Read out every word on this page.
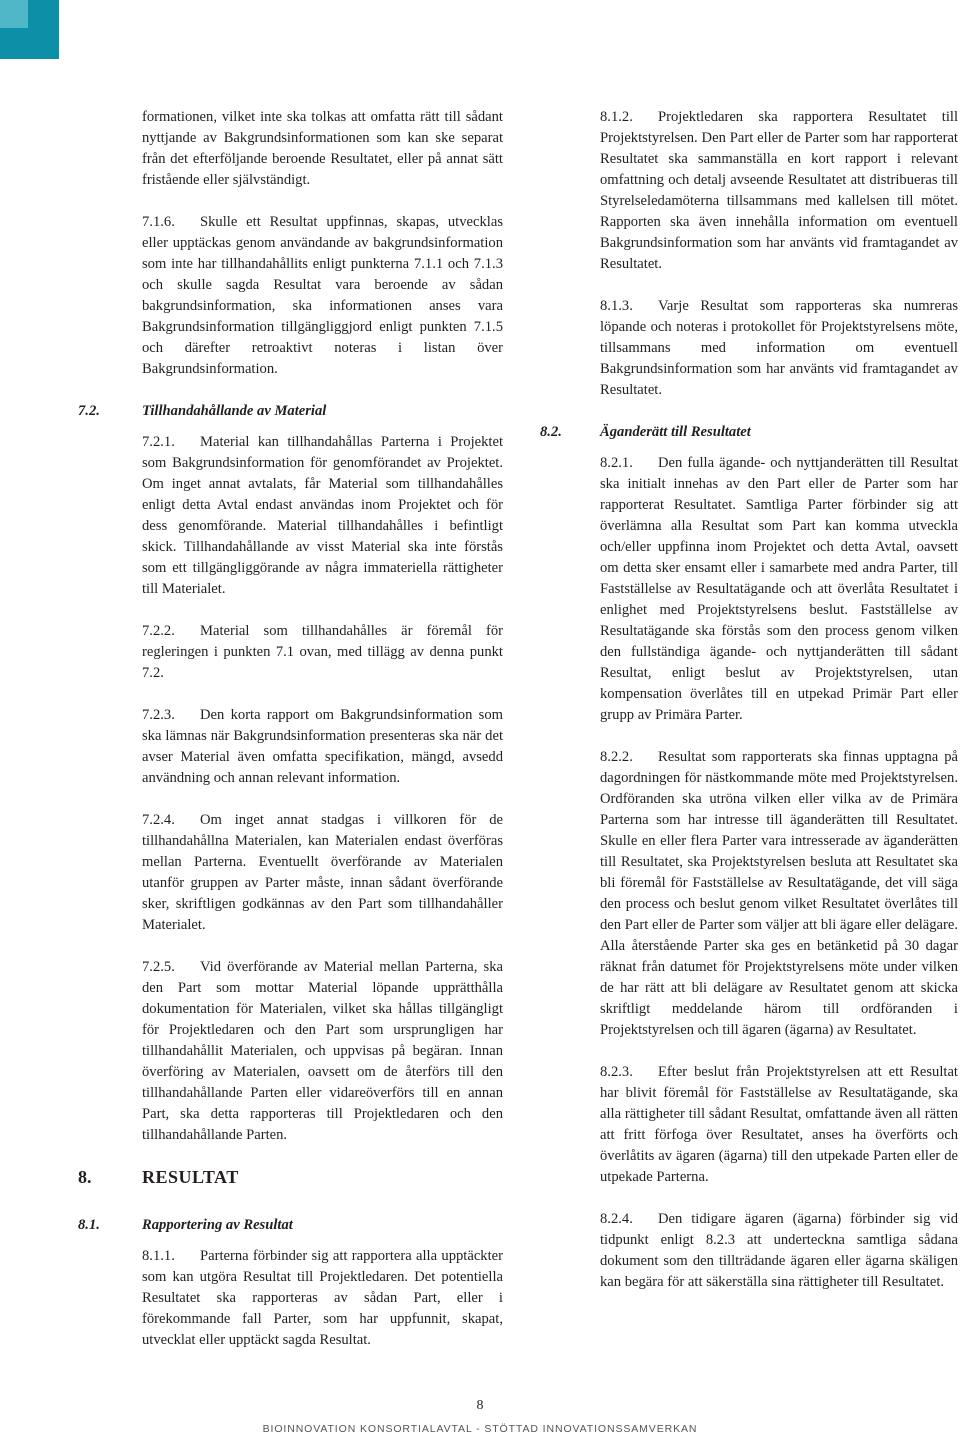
formationen, vilket inte ska tolkas att omfatta rätt till sådant nyttjande av Bakgrundsinformationen som kan ske separat från det efterföljande beroende Resultatet, eller på annat sätt fristående eller självständigt.

7.1.6. Skulle ett Resultat uppfinnas, skapas, utvecklas eller upptäckas genom användande av bakgrundsinformation som inte har tillhandahållits enligt punkterna 7.1.1 och 7.1.3 och skulle sagda Resultat vara beroende av sådan bakgrundsinformation, ska informationen anses vara Bakgrundsinformation tillgängliggjord enligt punkten 7.1.5 och därefter retroaktivt noteras i listan över Bakgrundsinformation.

7.2.	Tillhandahållande av Material

7.2.1. Material kan tillhandahållas Parterna i Projektet som Bakgrundsinformation för genomförandet av Projektet. Om inget annat avtalats, får Material som tillhandahålles enligt detta Avtal endast användas inom Projektet och för dess genomförande. Material tillhandahålles i befintligt skick. Tillhandahållande av visst Material ska inte förstås som ett tillgängliggörande av några immateriella rättigheter till Materialet.

7.2.2. Material som tillhandahålles är föremål för regleringen i punkten 7.1 ovan, med tillägg av denna punkt 7.2.

7.2.3. Den korta rapport om Bakgrundsinformation som ska lämnas när Bakgrundsinformation presenteras ska när det avser Material även omfatta specifikation, mängd, avsedd användning och annan relevant information.

7.2.4. Om inget annat stadgas i villkoren för de tillhandahållna Materialen, kan Materialen endast överföras mellan Parterna. Eventuellt överförande av Materialen utanför gruppen av Parter måste, innan sådant överförande sker, skriftligen godkännas av den Part som tillhandahåller Materialet.

7.2.5. Vid överförande av Material mellan Parterna, ska den Part som mottar Material löpande upprätthålla dokumentation för Materialen, vilket ska hållas tillgängligt för Projektledaren och den Part som ursprungligen har tillhandahållit Materialen, och uppvisas på begäran. Innan överföring av Materialen, oavsett om de återförs till den tillhandahållande Parten eller vidareöverförs till en annan Part, ska detta rapporteras till Projektledaren och den tillhandahållande Parten.

8.	RESULTAT
8.1.	Rapportering av Resultat

8.1.1. Parterna förbinder sig att rapportera alla upptäckter som kan utgöra Resultat till Projektledaren. Det potentiella Resultatet ska rapporteras av sådan Part, eller i förekommande fall Parter, som har uppfunnit, skapat, utvecklat eller upptäckt sagda Resultat.

8.1.2. Projektledaren ska rapportera Resultatet till Projektstyrelsen. Den Part eller de Parter som har rapporterat Resultatet ska sammanställa en kort rapport i relevant omfattning och detalj avseende Resultatet att distribueras till Styrelseledamöterna tillsammans med kallelsen till mötet. Rapporten ska även innehålla information om eventuell Bakgrundsinformation som har använts vid framtagandet av Resultatet.

8.1.3. Varje Resultat som rapporteras ska numreras löpande och noteras i protokollet för Projektstyrelsens möte, tillsammans med information om eventuell Bakgrundsinformation som har använts vid framtagandet av Resultatet.

8.2.	Äganderätt till Resultatet

8.2.1. Den fulla ägande- och nyttjanderätten till Resultat ska initialt innehas av den Part eller de Parter som har rapporterat Resultatet. Samtliga Parter förbinder sig att överlämna alla Resultat som Part kan komma utveckla och/eller uppfinna inom Projektet och detta Avtal, oavsett om detta sker ensamt eller i samarbete med andra Parter, till Fastställelse av Resultatägande och att överlåta Resultatet i enlighet med Projektstyrelsens beslut. Fastställelse av Resultatägande ska förstås som den process genom vilken den fullständiga ägande- och nyttjanderätten till sådant Resultat, enligt beslut av Projektstyrelsen, utan kompensation överlåtes till en utpekad Primär Part eller grupp av Primära Parter.

8.2.2. Resultat som rapporterats ska finnas upptagna på dagordningen för nästkommande möte med Projektstyrelsen. Ordföranden ska utröna vilken eller vilka av de Primära Parterna som har intresse till äganderätten till Resultatet. Skulle en eller flera Parter vara intresserade av äganderätten till Resultatet, ska Projektstyrelsen besluta att Resultatet ska bli föremål för Fastställelse av Resultatägande, det vill säga den process och beslut genom vilket Resultatet överlåtes till den Part eller de Parter som väljer att bli ägare eller delägare. Alla återstående Parter ska ges en betänketid på 30 dagar räknat från datumet för Projektstyrelsens möte under vilken de har rätt att bli delägare av Resultatet genom att skicka skriftligt meddelande härom till ordföranden i Projektstyrelsen och till ägaren (ägarna) av Resultatet.

8.2.3. Efter beslut från Projektstyrelsen att ett Resultat har blivit föremål för Fastställelse av Resultatägande, ska alla rättigheter till sådant Resultat, omfattande även all rätten att fritt förfoga över Resultatet, anses ha överförts och överlåtits av ägaren (ägarna) till den utpekade Parten eller de utpekade Parterna.

8.2.4. Den tidigare ägaren (ägarna) förbinder sig vid tidpunkt enligt 8.2.3 att underteckna samtliga sådana dokument som den tillträdande ägaren eller ägarna skäligen kan begära för att säkerställa sina rättigheter till Resultatet.

8
BIOINNOVATION KONSORTIALAVTAL - STÖTTAD INNOVATIONSSAMVERKAN
